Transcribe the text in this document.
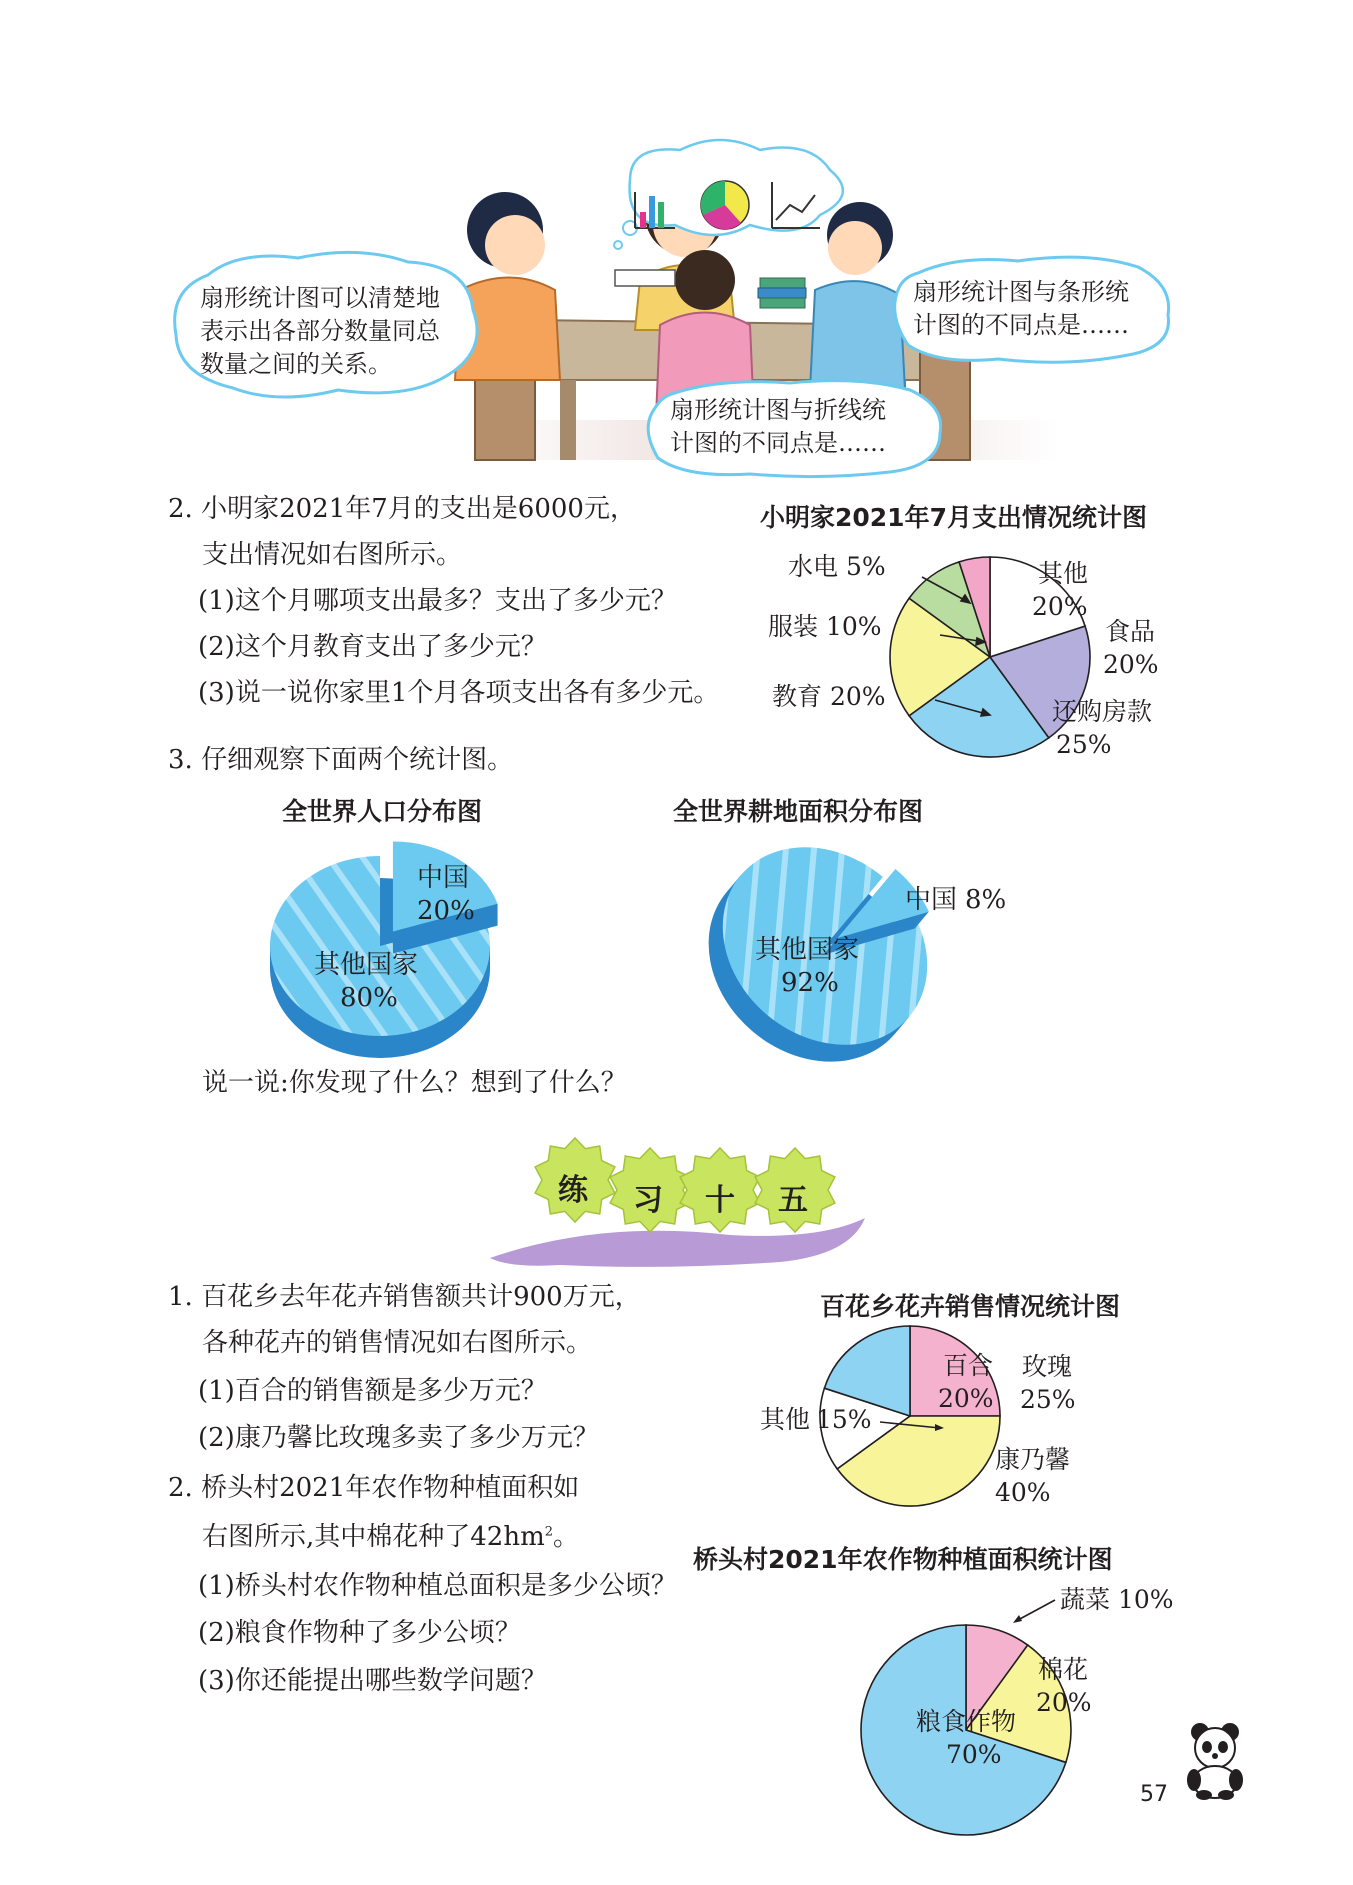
扇形统计图可以清楚地
表示出各部分数量同总
数量之间的关系。
扇形统计图与条形统
计图的不同点是……
扇形统计图与折线统
计图的不同点是……
2. 小明家2021年7月的支出是6000元，
支出情况如右图所示。
(1)这个月哪项支出最多？支出了多少元？
(2)这个月教育支出了多少元？
(3)说一说你家里1个月各项支出各有多少元。
小明家2021年7月支出情况统计图
水电 5%
服装 10%
教育 20%
其他
20%
食品
20%
还购房款
25%
3. 仔细观察下面两个统计图。
全世界人口分布图
中国
20%
其他国家
80%
全世界耕地面积分布图
中国 8%
其他国家
92%
说一说:你发现了什么？想到了什么？
练 习 十 五
1. 百花乡去年花卉销售额共计900万元，
各种花卉的销售情况如右图所示。
(1)百合的销售额是多少万元？
(2)康乃馨比玫瑰多卖了多少万元？
百花乡花卉销售情况统计图
百合
20%
玫瑰
25%
康乃馨
40%
其他 15%
2. 桥头村2021年农作物种植面积如
右图所示,其中棉花种了$42hm^2$。
(1)桥头村农作物种植总面积是多少公顷？
(2)粮食作物种了多少公顷？
(3)你还能提出哪些数学问题？
桥头村2021年农作物种植面积统计图
蔬菜 10%
棉花
20%
粮食作物
70%
57
